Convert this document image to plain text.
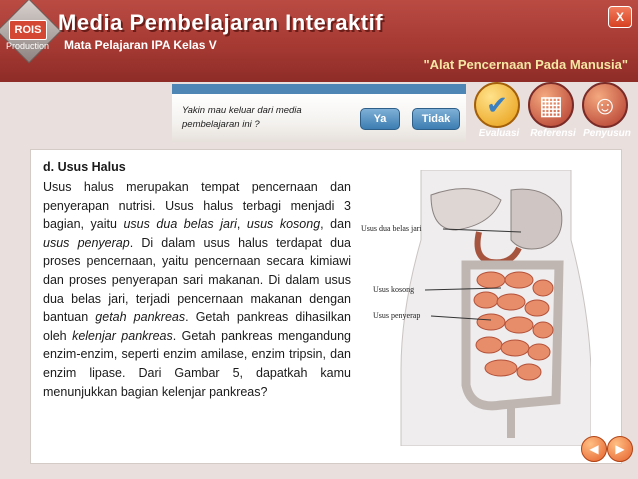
ROIS
Production
Media Pembelajaran Interaktif
Mata Pelajaran IPA Kelas V
X
"Alat Pencernaan Pada Manusia"
Yakin mau keluar dari media pembelajaran ini ?	Ya	Tidak	✔
Evaluasi
▦
Referensi
☺
Penyusun
d. Usus Halus

Usus halus merupakan tempat pencernaan dan penyerapan nutrisi. Usus halus terbagi menjadi 3 bagian, yaitu usus dua belas jari, usus kosong, dan usus penyerap. Di dalam usus halus terdapat dua proses pencernaan, yaitu pencernaan secara kimiawi dan proses penyerapan sari makanan. Di dalam usus dua belas jari, terjadi pencernaan makanan dengan bantuan getah pankreas. Getah pankreas dihasilkan oleh kelenjar pankreas. Getah pankreas mengandung enzim-enzim, seperti enzim amilase, enzim tripsin, dan enzim lipase. Dari Gambar 5, dapatkah kamu menunjukkan bagian kelenjar pankreas?

Usus dua belas jari
Usus kosong
Usus penyerap
◀	▶
